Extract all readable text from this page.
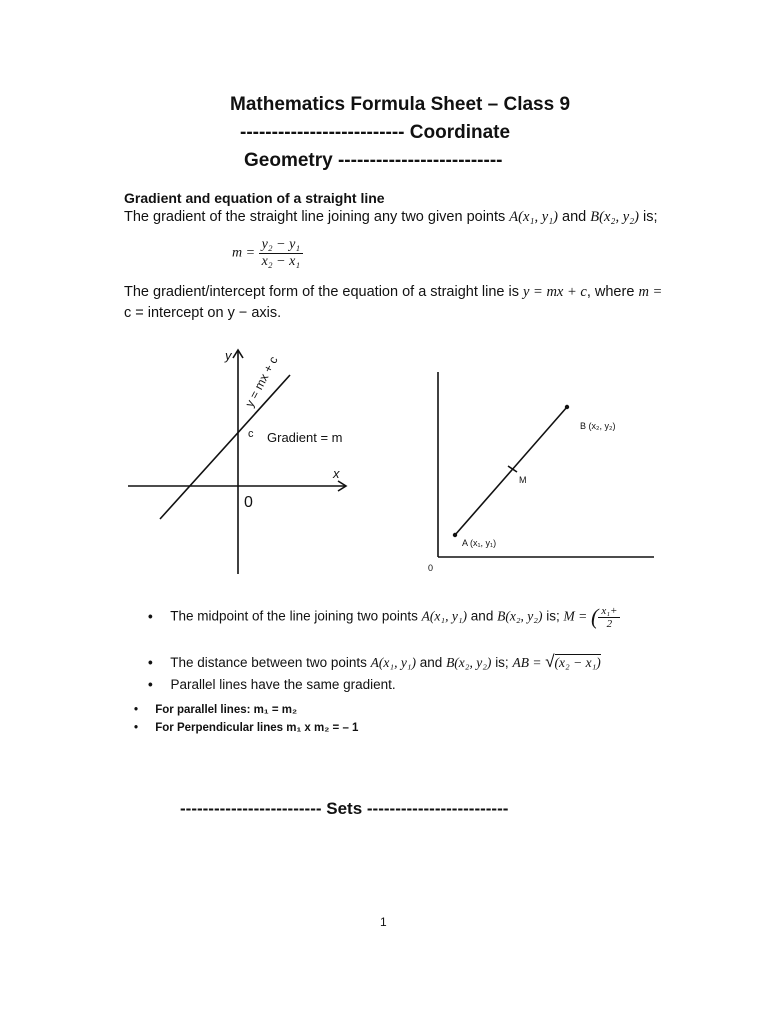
Mathematics Formula Sheet – Class 9
-------------------------- Coordinate
Geometry --------------------------
Gradient and equation of a straight line
The gradient of the straight line joining any two given points A(x₁, y₁) and B(x₂, y₂) is;
$m = \frac{\text{y₂ − y₁}}{\text{x₂ − x₁}}$
The gradient/intercept form of the equation of a straight line is y = mx + c, where m =
c = intercept on y − axis.
y
x
y = mx + c
c Gradient = m
0
B (x₂, y₂)
M
A (x₁, y₁)
0
• The midpoint of the line joining two points A(x₁, y₁) and B(x₂, y₂) is; M = ( $\frac{\text{x₁+}}{2}$
• The distance between two points A(x₁, y₁) and B(x₂, y₂) is; AB = √(x₂ − x₁)
• Parallel lines have the same gradient.
• For parallel lines: m₁ = m₂
• For Perpendicular lines m₁ x m₂ = – 1
------------------------- Sets -------------------------
1
